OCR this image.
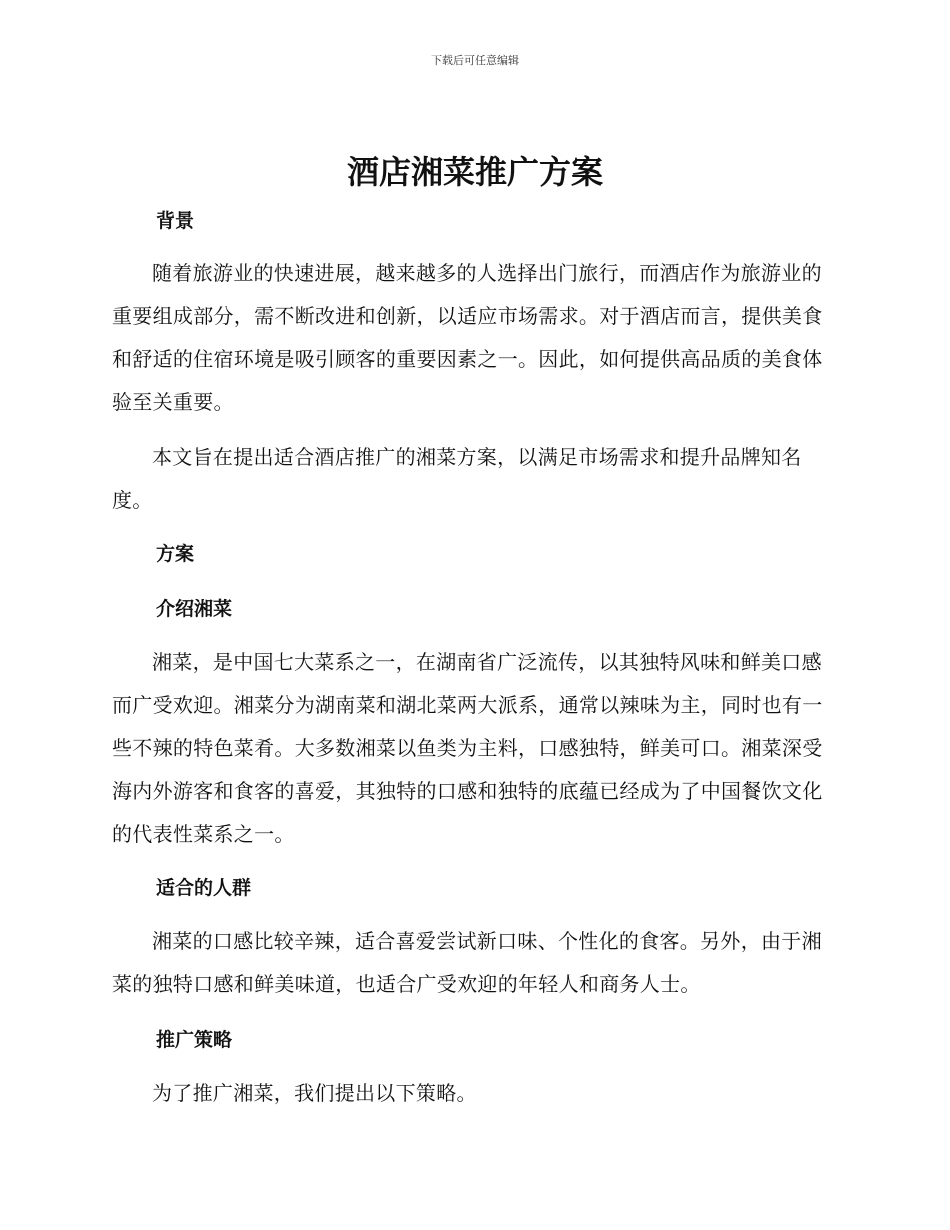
下载后可任意编辑
酒店湘菜推广方案
背景

随着旅游业的快速进展，越来越多的人选择出门旅行，而酒店作为旅游业的重要组成部分，需不断改进和创新，以适应市场需求。对于酒店而言，提供美食和舒适的住宿环境是吸引顾客的重要因素之一。因此，如何提供高品质的美食体验至关重要。

本文旨在提出适合酒店推广的湘菜方案，以满足市场需求和提升品牌知名度。

方案
介绍湘菜

湘菜，是中国七大菜系之一，在湖南省广泛流传，以其独特风味和鲜美口感而广受欢迎。湘菜分为湖南菜和湖北菜两大派系，通常以辣味为主，同时也有一些不辣的特色菜肴。大多数湘菜以鱼类为主料，口感独特，鲜美可口。湘菜深受海内外游客和食客的喜爱，其独特的口感和独特的底蕴已经成为了中国餐饮文化的代表性菜系之一。

适合的人群

湘菜的口感比较辛辣，适合喜爱尝试新口味、个性化的食客。另外，由于湘菜的独特口感和鲜美味道，也适合广受欢迎的年轻人和商务人士。

推广策略

为了推广湘菜，我们提出以下策略。
